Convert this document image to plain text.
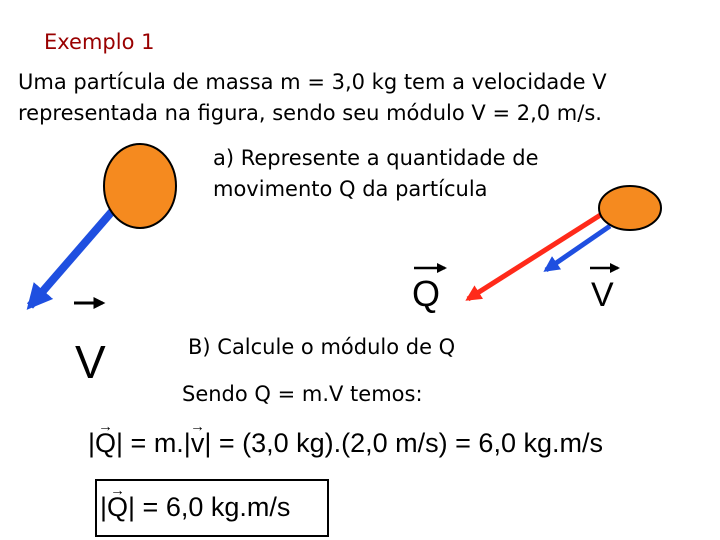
Exemplo 1
Uma partícula de massa m = 3,0 kg tem a velocidade V
representada na figura, sendo seu módulo V = 2,0 m/s.
V
Q	V
a) Represente a quantidade de
movimento Q da partícula
B) Calcule o módulo de Q
Sendo Q = m.V temos:
|→ Q| = m.|→ v| = (3,0 kg).(2,0 m/s) = 6,0 kg.m/s
|→ Q| = 6,0 kg.m/s
